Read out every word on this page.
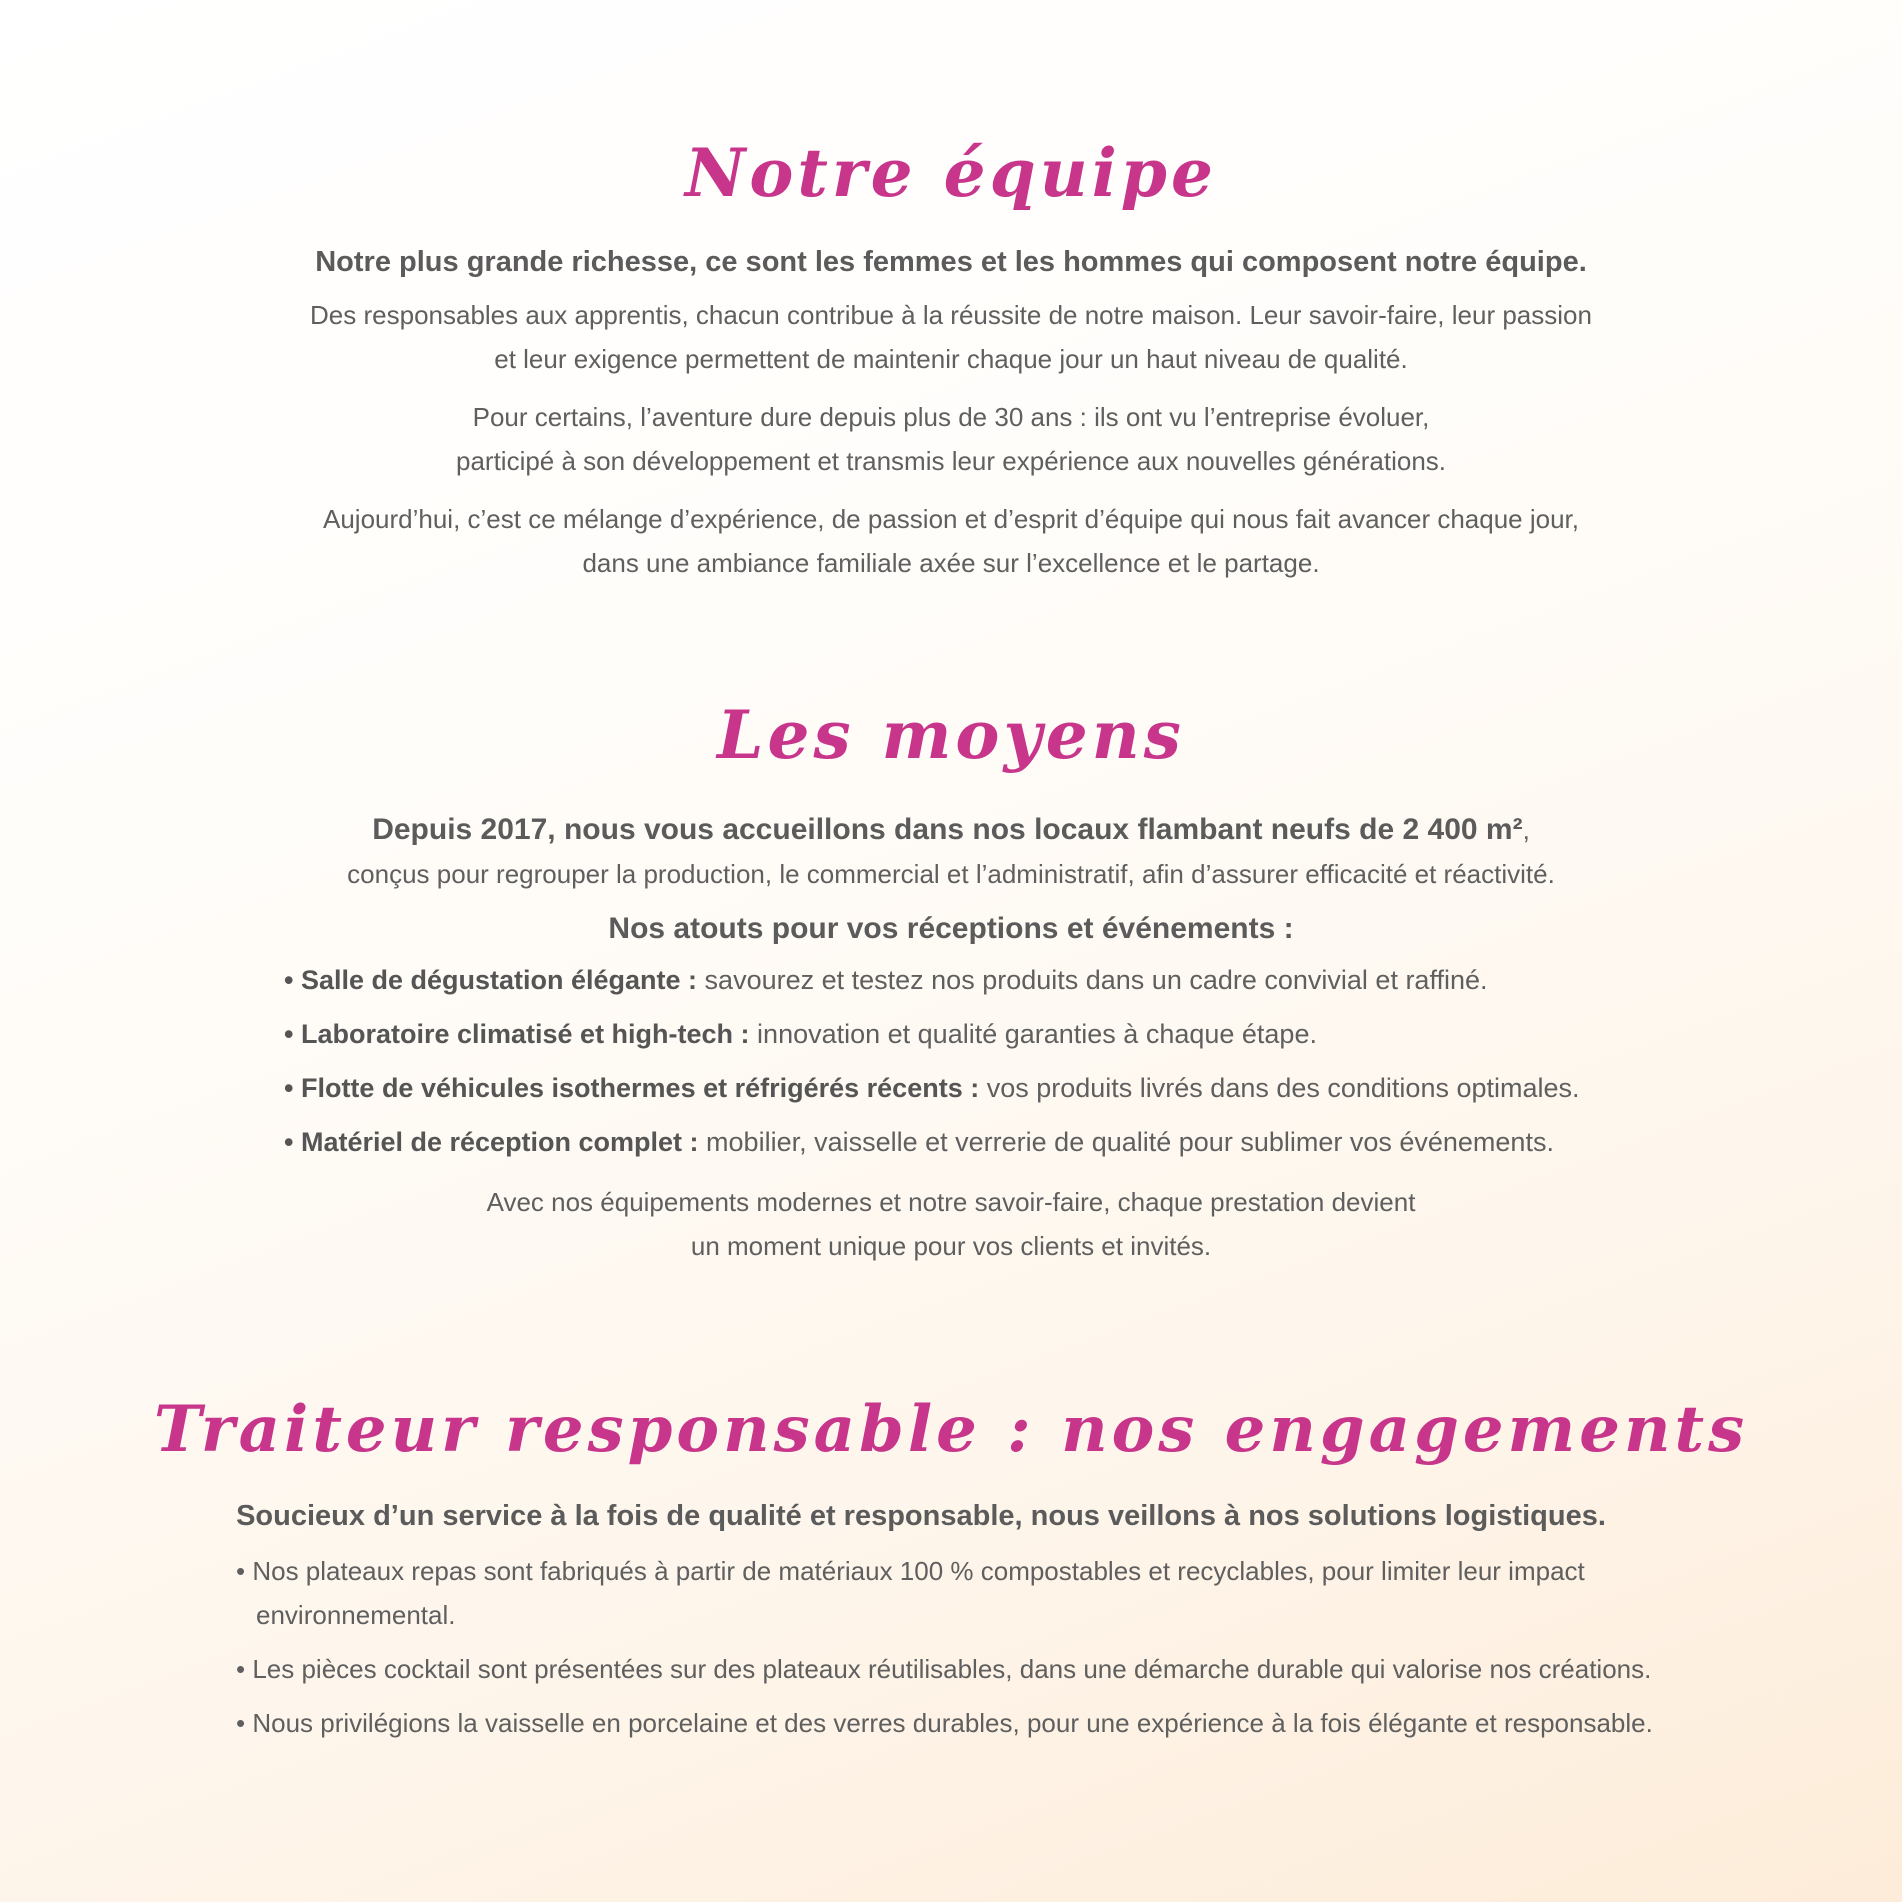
Notre équipe

Notre plus grande richesse, ce sont les femmes et les hommes qui composent notre équipe.

Des responsables aux apprentis, chacun contribue à la réussite de notre maison. Leur savoir-faire, leur passion
et leur exigence permettent de maintenir chaque jour un haut niveau de qualité.

Pour certains, l’aventure dure depuis plus de 30 ans : ils ont vu l’entreprise évoluer,
participé à son développement et transmis leur expérience aux nouvelles générations.

Aujourd’hui, c’est ce mélange d’expérience, de passion et d’esprit d’équipe qui nous fait avancer chaque jour,
dans une ambiance familiale axée sur l’excellence et le partage.

Les moyens

Depuis 2017, nous vous accueillons dans nos locaux flambant neufs de 2 400 m²,
conçus pour regrouper la production, le commercial et l’administratif, afin d’assurer efficacité et réactivité.

Nos atouts pour vos réceptions et événements :

• Salle de dégustation élégante : savourez et testez nos produits dans un cadre convivial et raffiné.
• Laboratoire climatisé et high-tech : innovation et qualité garanties à chaque étape.
• Flotte de véhicules isothermes et réfrigérés récents : vos produits livrés dans des conditions optimales.
• Matériel de réception complet : mobilier, vaisselle et verrerie de qualité pour sublimer vos événements.

Avec nos équipements modernes et notre savoir-faire, chaque prestation devient
un moment unique pour vos clients et invités.

Traiteur responsable : nos engagements

Soucieux d’un service à la fois de qualité et responsable, nous veillons à nos solutions logistiques.

• Nos plateaux repas sont fabriqués à partir de matériaux 100 % compostables et recyclables, pour limiter leur impact
environnemental.
• Les pièces cocktail sont présentées sur des plateaux réutilisables, dans une démarche durable qui valorise nos créations.
• Nous privilégions la vaisselle en porcelaine et des verres durables, pour une expérience à la fois élégante et responsable.
